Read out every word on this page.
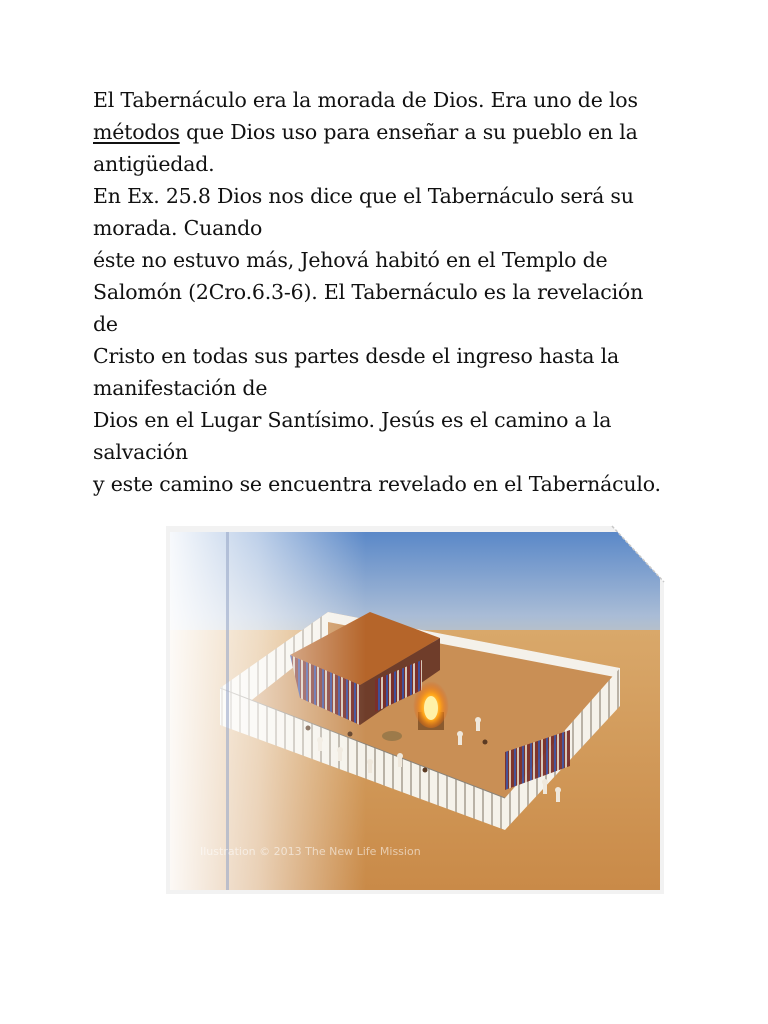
El Tabernáculo era la morada de Dios. Era uno de los
métodos que Dios uso para enseñar a su pueblo en la
antigüedad.
En Ex. 25.8 Dios nos dice que el Tabernáculo será su
morada. Cuando
éste no estuvo más, Jehová habitó en el Templo de
Salomón (2Cro.6.3-6). El Tabernáculo es la revelación
de
Cristo en todas sus partes desde el ingreso hasta la
manifestación de
Dios en el Lugar Santísimo. Jesús es el camino a la
salvación
y este camino se encuentra revelado en el Tabernáculo.
Ilustration © 2013 The New Life Mission
